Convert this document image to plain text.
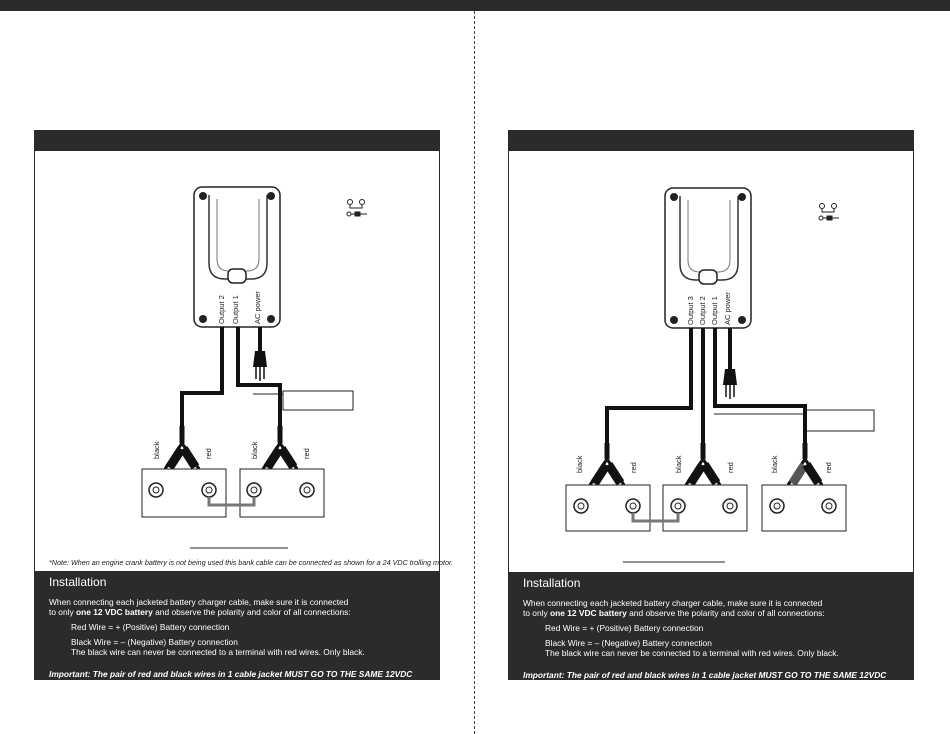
Output 2 Output 1 AC power
black	red	black	red
*Note: When an engine crank battery is not being used this bank cable can be connected as shown for a 24 VDC trolling motor.
Installation

When connecting each jacketed battery charger cable, make sure it is connected

to only one 12 VDC battery and observe the polarity and color of all connections:

Red Wire = + (Positive) Battery connection

Black Wire = – (Negative) Battery connection

The black wire can never be connected to a terminal with red wires. Only black.

Important: The pair of red and black wires in 1 cable jacket MUST GO TO THE SAME 12VDC battery.

Output 3 Output 2 Output 1 AC power
black	red	black	red	black	red
Installation

When connecting each jacketed battery charger cable, make sure it is connected

to only one 12 VDC battery and observe the polarity and color of all connections:

Red Wire = + (Positive) Battery connection

Black Wire = – (Negative) Battery connection

The black wire can never be connected to a terminal with red wires. Only black.

Important: The pair of red and black wires in 1 cable jacket MUST GO TO THE SAME 12VDC battery.
